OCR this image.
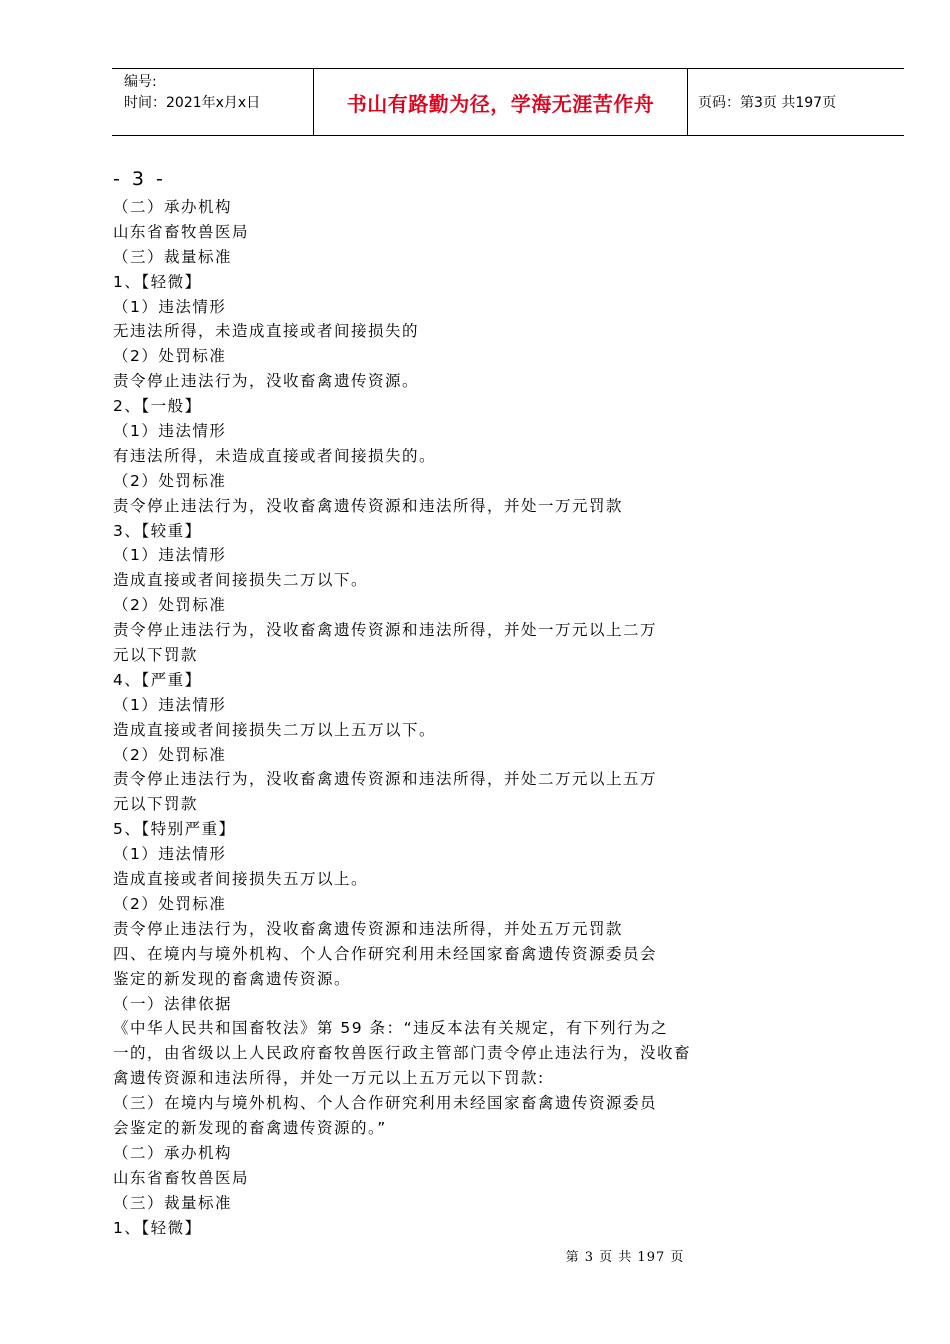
编号:
时间：2021年x月x日	书山有路勤为径，学海无涯苦作舟	页码：第3页 共197页
- 3 -
（二）承办机构
山东省畜牧兽医局
（三）裁量标准
1、【轻微】
（1）违法情形
无违法所得，未造成直接或者间接损失的
（2）处罚标准
责令停止违法行为，没收畜禽遗传资源。
2、【一般】
（1）违法情形
有违法所得，未造成直接或者间接损失的。
（2）处罚标准
责令停止违法行为，没收畜禽遗传资源和违法所得，并处一万元罚款
3、【较重】
（1）违法情形
造成直接或者间接损失二万以下。
（2）处罚标准
责令停止违法行为，没收畜禽遗传资源和违法所得，并处一万元以上二万
元以下罚款
4、【严重】
（1）违法情形
造成直接或者间接损失二万以上五万以下。
（2）处罚标准
责令停止违法行为，没收畜禽遗传资源和违法所得，并处二万元以上五万
元以下罚款
5、【特别严重】
（1）违法情形
造成直接或者间接损失五万以上。
（2）处罚标准
责令停止违法行为，没收畜禽遗传资源和违法所得，并处五万元罚款
四、在境内与境外机构、个人合作研究利用未经国家畜禽遗传资源委员会
鉴定的新发现的畜禽遗传资源。
（一）法律依据
《中华人民共和国畜牧法》第 59 条：“违反本法有关规定，有下列行为之
一的，由省级以上人民政府畜牧兽医行政主管部门责令停止违法行为，没收畜
禽遗传资源和违法所得，并处一万元以上五万元以下罚款:
（三）在境内与境外机构、个人合作研究利用未经国家畜禽遗传资源委员
会鉴定的新发现的畜禽遗传资源的。”
（二）承办机构
山东省畜牧兽医局
（三）裁量标准
1、【轻微】
第 3 页 共 197 页
